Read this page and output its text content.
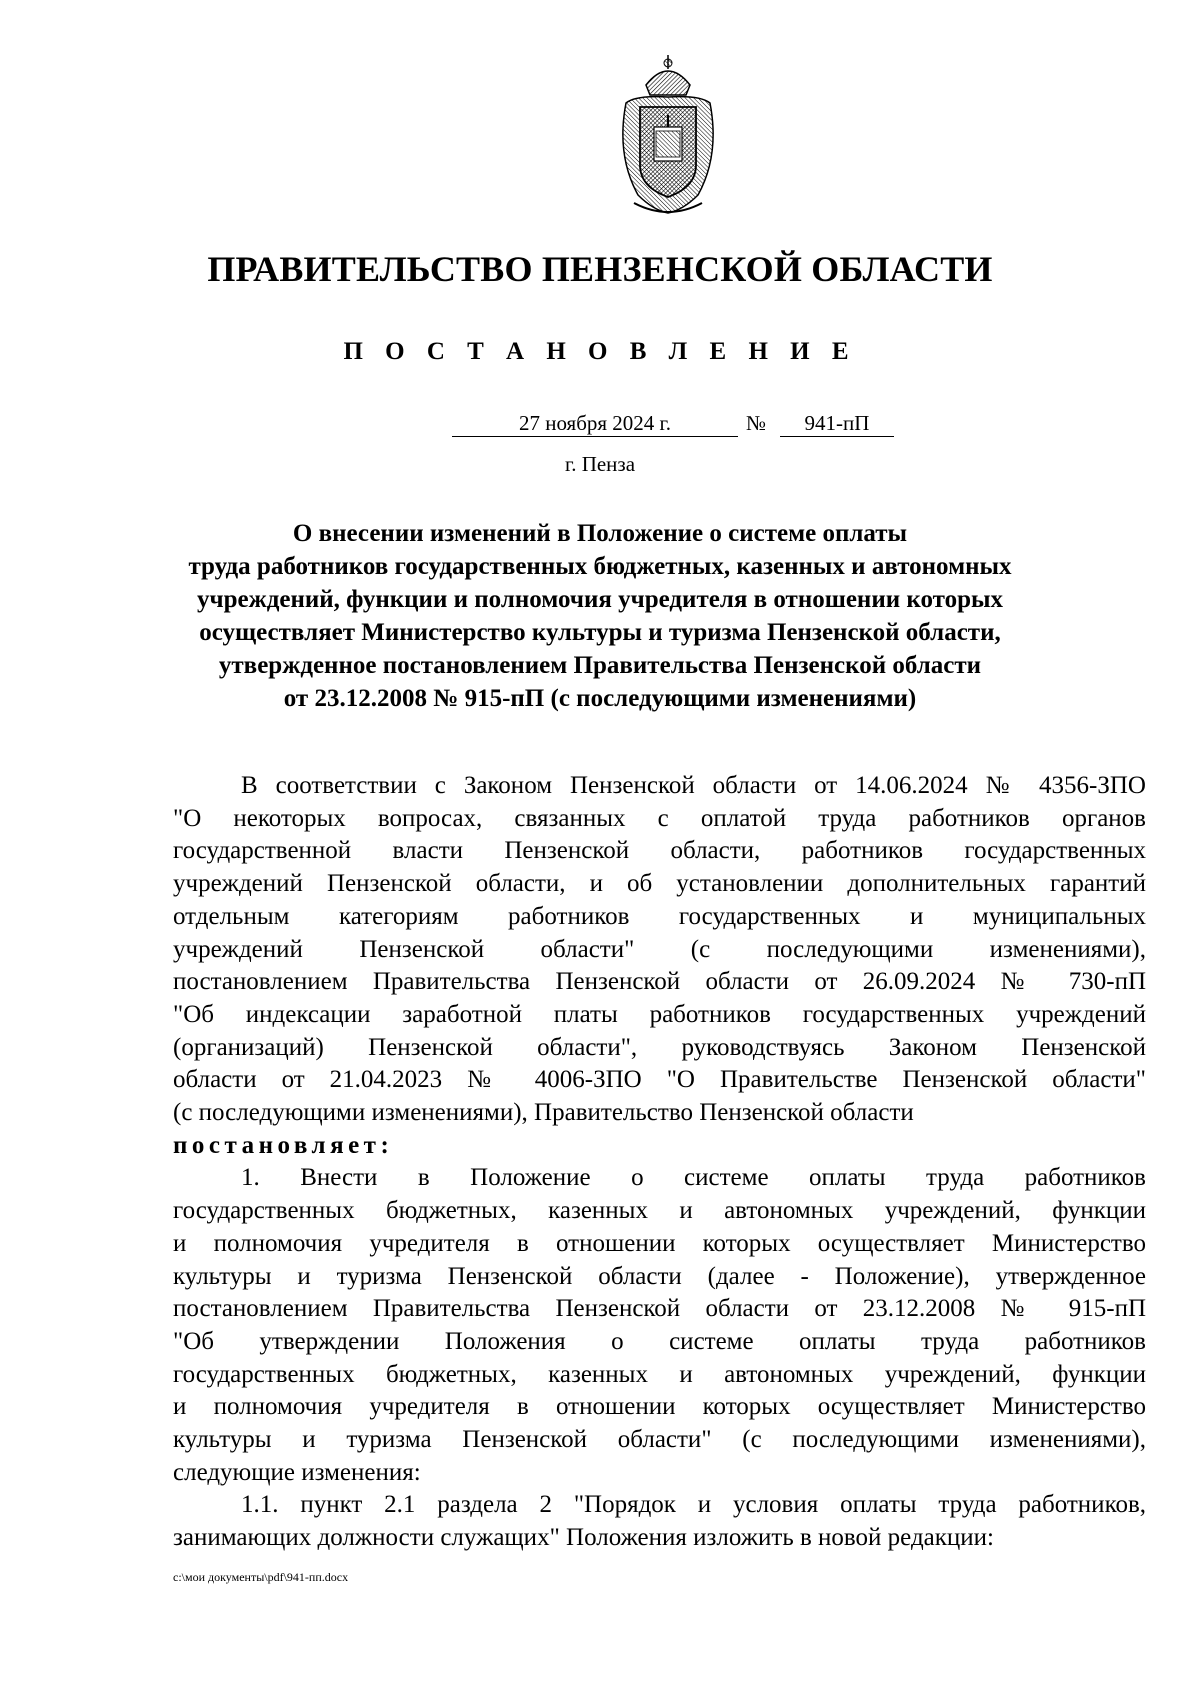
ПРАВИТЕЛЬСТВО ПЕНЗЕНСКОЙ ОБЛАСТИ
П О С Т А Н О В Л Е Н И Е
27 ноября 2024 г.	№	941-пП
г. Пенза
О внесении изменений в Положение о системе оплаты
труда работников государственных бюджетных, казенных и автономных
учреждений, функции и полномочия учредителя в отношении которых
осуществляет Министерство культуры и туризма Пензенской области,
утвержденное постановлением Правительства Пензенской области
от 23.12.2008 № 915-пП (с последующими изменениями)
В соответствии с Законом Пензенской области от 14.06.2024 № 4356-ЗПО
"О некоторых вопросах, связанных с оплатой труда работников органов
государственной власти Пензенской области, работников государственных
учреждений Пензенской области, и об установлении дополнительных гарантий
отдельным категориям работников государственных и муниципальных
учреждений Пензенской области" (с последующими изменениями),
постановлением Правительства Пензенской области от 26.09.2024 № 730-пП
"Об индексации заработной платы работников государственных учреждений
(организаций) Пензенской области", руководствуясь Законом Пензенской
области от 21.04.2023 № 4006-ЗПО "О Правительстве Пензенской области"
(с последующими изменениями), Правительство Пензенской области
постановляет:
1. Внести в Положение о системе оплаты труда работников
государственных бюджетных, казенных и автономных учреждений, функции
и полномочия учредителя в отношении которых осуществляет Министерство
культуры и туризма Пензенской области (далее - Положение), утвержденное
постановлением Правительства Пензенской области от 23.12.2008 № 915-пП
"Об утверждении Положения о системе оплаты труда работников
государственных бюджетных, казенных и автономных учреждений, функции
и полномочия учредителя в отношении которых осуществляет Министерство
культуры и туризма Пензенской области" (с последующими изменениями),
следующие изменения:
1.1. пункт 2.1 раздела 2 "Порядок и условия оплаты труда работников,
занимающих должности служащих" Положения изложить в новой редакции:
c:\мои документы\pdf\941-пп.docx
